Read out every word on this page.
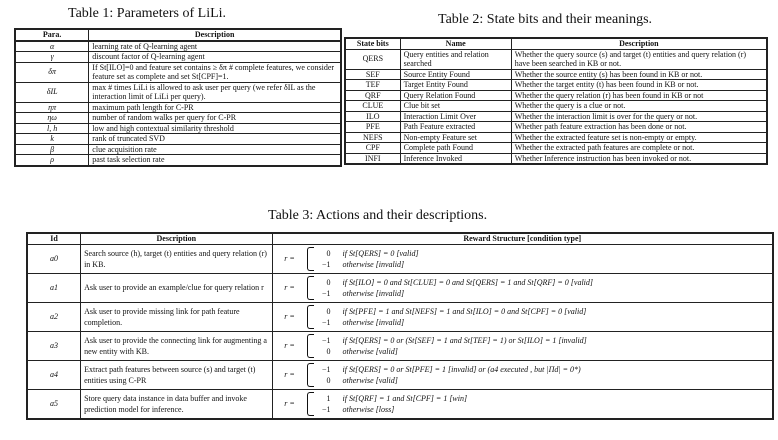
Table 1: Parameters of LiLi.
Para.	Description
α	learning rate of Q-learning agent
γ	discount factor of Q-learning agent
δπ	If St[ILO]=0 and feature set contains ≥ δπ # complete features, we consider feature set as complete and set St[CPF]=1.
δIL	max # times LiLi is allowed to ask user per query (we refer δIL as the interaction limit of LiLi per query).
ηπ	maximum path length for C-PR
ηω	number of random walks per query for C-PR
l, h	low and high contextual similarity threshold
k	rank of truncated SVD
β	clue acquisition rate
ρ	past task selection rate
Table 2: State bits and their meanings.
State bits	Name	Description
QERS	Query entities and relation searched	Whether the query source (s) and target (t) entities and query relation (r) have been searched in KB or not.
SEF	Source Entity Found	Whether the source entity (s) has been found in KB or not.
TEF	Target Entity Found	Whether the target entity (t) has been found in KB or not.
QRF	Query Relation Found	Whether the query relation (r) has been found in KB or not
CLUE	Clue bit set	Whether the query is a clue or not.
ILO	Interaction Limit Over	Whether the interaction limit is over for the query or not.
PFE	Path Feature extracted	Whether path feature extraction has been done or not.
NEFS	Non-empty Feature set	Whether the extracted feature set is non-empty or empty.
CPF	Complete path Found	Whether the extracted path features are complete or not.
INFI	Inference Invoked	Whether Inference instruction has been invoked or not.
Table 3: Actions and their descriptions.
Id	Description	Reward Structure [condition type]
a0	Search source (h), target (t) entities and query relation (r) in KB.	r =
0 if St[QERS] = 0 [valid]
−1 otherwise [invalid]

a1	Ask user to provide an example/clue for query relation r	r =
0 if St[ILO] = 0 and St[CLUE] = 0 and St[QERS] = 1 and St[QRF] = 0 [valid]
−1 otherwise [invalid]

a2	Ask user to provide missing link for path feature completion.	r =
0 if St[PFE] = 1 and St[NEFS] = 1 and St[ILO] = 0 and St[CPF] = 0 [valid]
−1 otherwise [invalid]

a3	Ask user to provide the connecting link for augmenting a new entity with KB.	r =
−1 if St[QERS] = 0 or (St[SEF] = 1 and St[TEF] = 1) or St[ILO] = 1 [invalid]
0 otherwise [valid]

a4	Extract path features between source (s) and target (t) entities using C-PR	r =
−1 if St[QERS] = 0 or St[PFE] = 1 [invalid] or (a4 executed , but |Πd| = 0*)
0 otherwise [valid]

a5	Store query data instance in data buffer and invoke prediction model for inference.	r =
1 if St[QRF] = 1 and St[CPF] = 1 [win]
−1 otherwise [loss]
